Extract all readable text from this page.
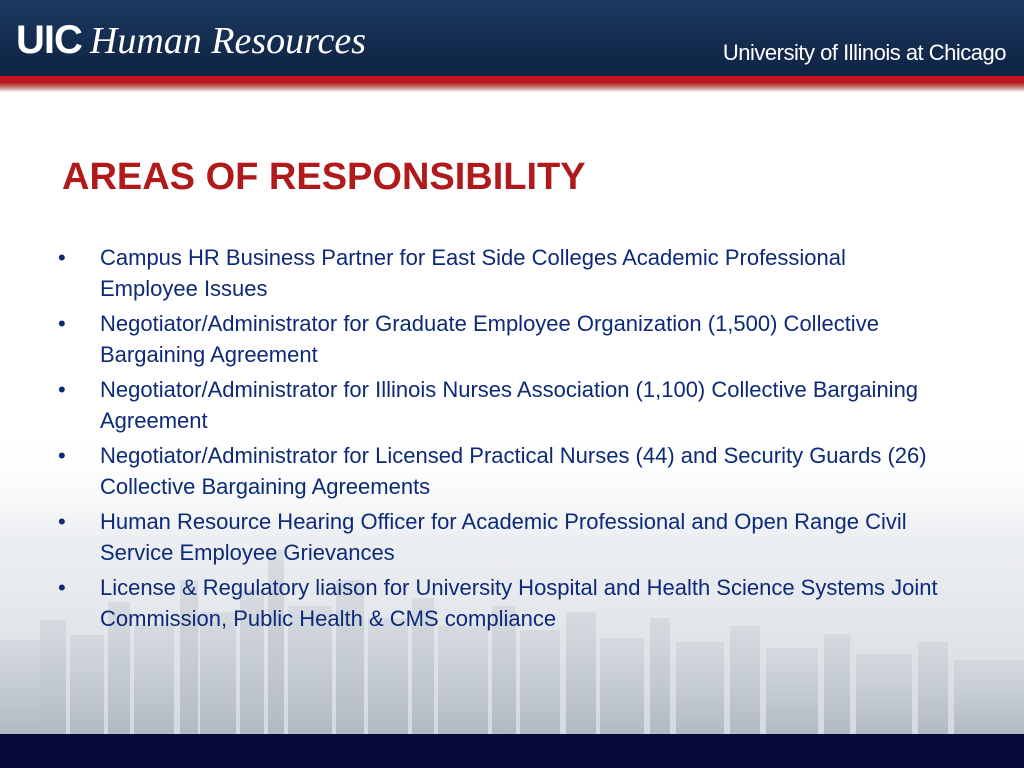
UIC Human Resources	University of Illinois at Chicago
AREAS OF RESPONSIBILITY
• Campus HR Business Partner for East Side Colleges Academic Professional Employee Issues
• Negotiator/Administrator for Graduate Employee Organization (1,500) Collective Bargaining Agreement
• Negotiator/Administrator for Illinois Nurses Association (1,100) Collective Bargaining Agreement
• Negotiator/Administrator for Licensed Practical Nurses (44) and Security Guards (26) Collective Bargaining Agreements
• Human Resource Hearing Officer for Academic Professional and Open Range Civil Service Employee Grievances
• License & Regulatory liaison for University Hospital and Health Science Systems Joint Commission, Public Health & CMS compliance
